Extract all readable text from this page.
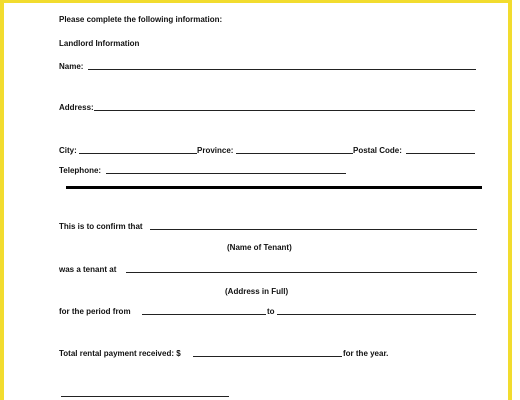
Please complete the following information:
Landlord Information
Name:
Address:
City:	Province:	Postal Code:
Telephone:
This is to confirm that
(Name of Tenant)
was a tenant at
(Address in Full)
for the period from	to
Total rental payment received: $	for the year.
